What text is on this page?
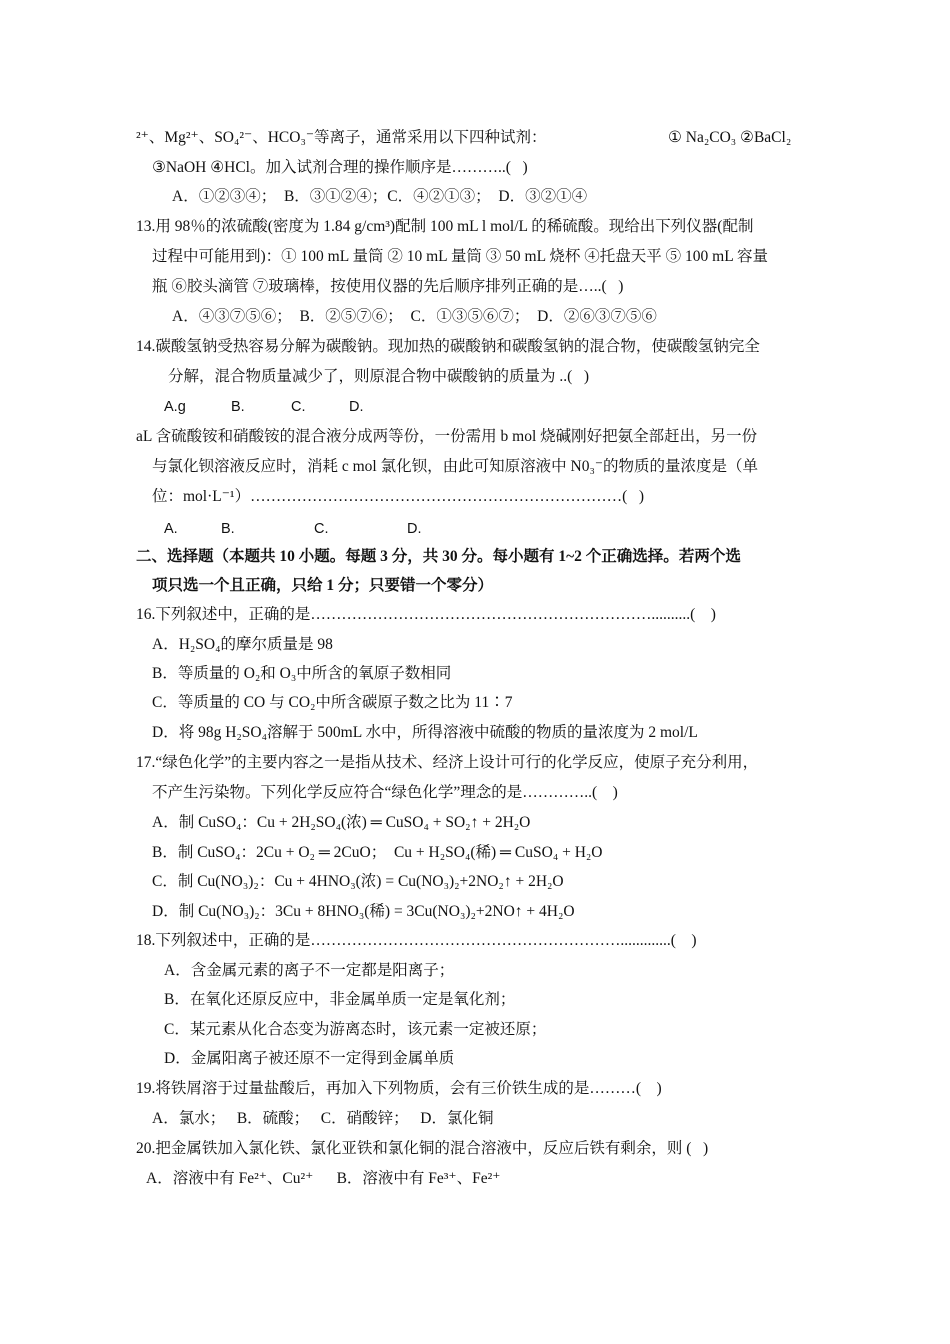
²⁺、Mg²⁺、SO₄²⁻、HCO₃⁻等离子，通常采用以下四种试剂：	① Na₂CO₃ ②BaCl₂
③NaOH ④HCl。加入试剂合理的操作顺序是………..(   )
A．①②③④；  B．③①②④；C．④②①③；  D．③②①④
13.用 98％的浓硫酸(密度为 1.84 g/cm³)配制 100 mL l mol/L 的稀硫酸。现给出下列仪器(配制
过程中可能用到)：① 100 mL 量筒 ② 10 mL 量筒 ③ 50 mL 烧杯 ④托盘天平 ⑤ 100 mL 容量
瓶 ⑥胶头滴管 ⑦玻璃棒，按使用仪器的先后顺序排列正确的是…..(   )
A．④③⑦⑤⑥；  B．②⑤⑦⑥；  C．①③⑤⑥⑦；  D．②⑥③⑦⑤⑥
14.碳酸氢钠受热容易分解为碳酸钠。现加热的碳酸钠和碳酸氢钠的混合物，使碳酸氢钠完全
分解，混合物质量减少了，则原混合物中碳酸钠的质量为 ..(   )
A.g	B.	C.	D.
aL 含硫酸铵和硝酸铵的混合液分成两等份，一份需用 b mol 烧碱刚好把氨全部赶出，另一份
与氯化钡溶液反应时，消耗 c mol 氯化钡，由此可知原溶液中 N0₃⁻的物质的量浓度是（单
位：mol·L⁻¹）………………………………………………………………(   )
A.	B.	C.	D.
二、选择题（本题共 10 小题。每题 3 分，共 30 分。每小题有 1~2 个正确选择。若两个选
项只选一个且正确，只给 1 分；只要错一个零分）
16.下列叙述中，正确的是…………………………………………………………..........(    )
A．H₂SO₄的摩尔质量是 98
B．等质量的 O₂和 O₃中所含的氧原子数相同
C．等质量的 CO 与 CO₂中所含碳原子数之比为 11∶7
D．将 98g H₂SO₄溶解于 500mL 水中，所得溶液中硫酸的物质的量浓度为 2 mol/L
17.“绿色化学”的主要内容之一是指从技术、经济上设计可行的化学反应，使原子充分利用，
不产生污染物。下列化学反应符合“绿色化学”理念的是…………..(    )
A．制 CuSO₄：Cu + 2H₂SO₄(浓) ═ CuSO₄ + SO₂↑ + 2H₂O
B．制 CuSO₄：2Cu + O₂ ═ 2CuO；  Cu + H₂SO₄(稀) ═ CuSO₄ + H₂O
C．制 Cu(NO₃)₂：Cu + 4HNO₃(浓) = Cu(NO₃)₂+2NO₂↑ + 2H₂O
D．制 Cu(NO₃)₂：3Cu + 8HNO₃(稀) = 3Cu(NO₃)₂+2NO↑ + 4H₂O
18.下列叙述中，正确的是…………………………………………………….............(    )
A．含金属元素的离子不一定都是阳离子；
B．在氧化还原反应中，非金属单质一定是氧化剂；
C．某元素从化合态变为游离态时，该元素一定被还原；
D．金属阳离子被还原不一定得到金属单质
19.将铁屑溶于过量盐酸后，再加入下列物质，会有三价铁生成的是………(    )
A．氯水；   B．硫酸；   C．硝酸锌；   D．氯化铜
20.把金属铁加入氯化铁、氯化亚铁和氯化铜的混合溶液中，反应后铁有剩余，则 (   )
A．溶液中有 Fe²⁺、Cu²⁺      B．溶液中有 Fe³⁺、Fe²⁺
